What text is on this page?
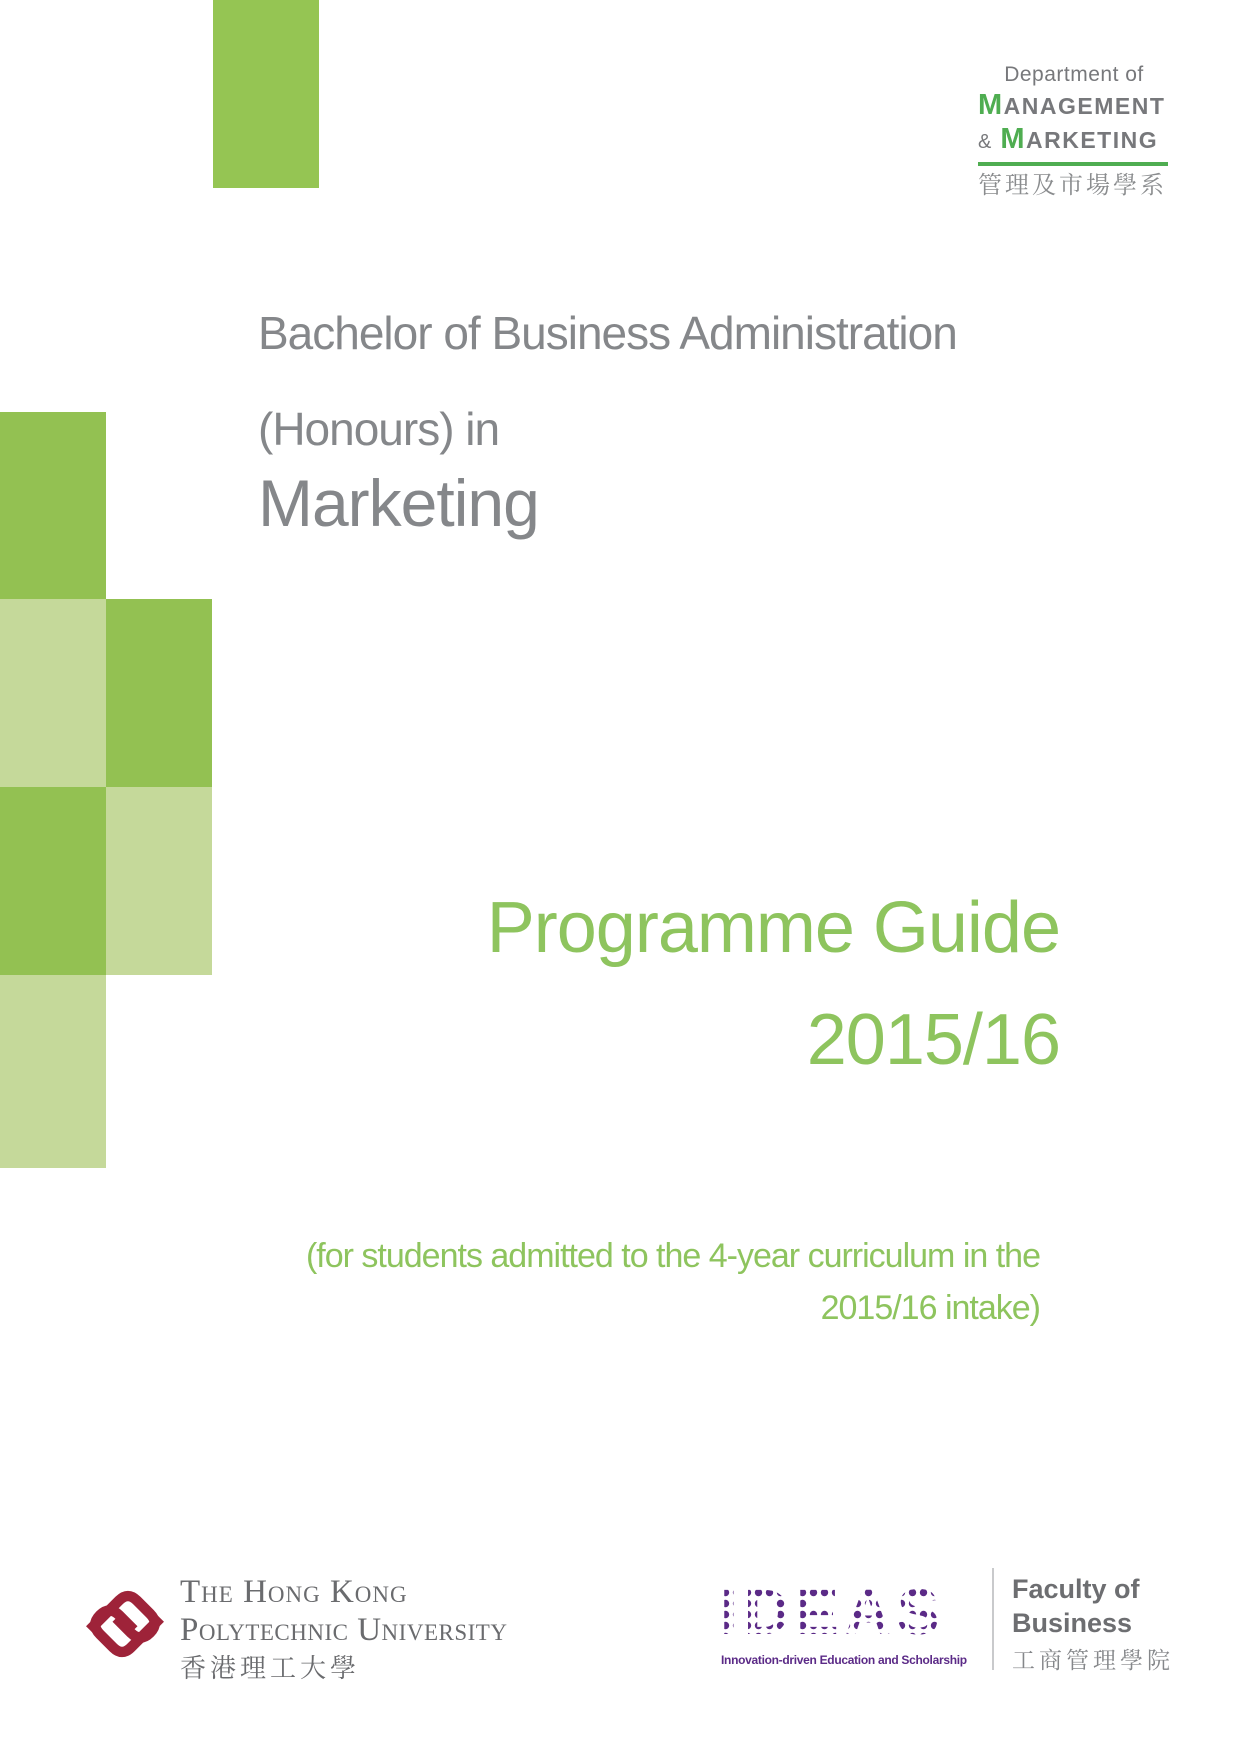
Department of
MANAGEMENT
& MARKETING
管理及市場學系
Bachelor of Business Administration
(Honours) in
Marketing
Programme Guide
2015/16
(for students admitted to the 4-year curriculum in the
2015/16 intake)
The Hong Kong
Polytechnic University
香港理工大學
IDEAS
Innovation-driven Education and Scholarship
Faculty of
Business
工商管理學院
